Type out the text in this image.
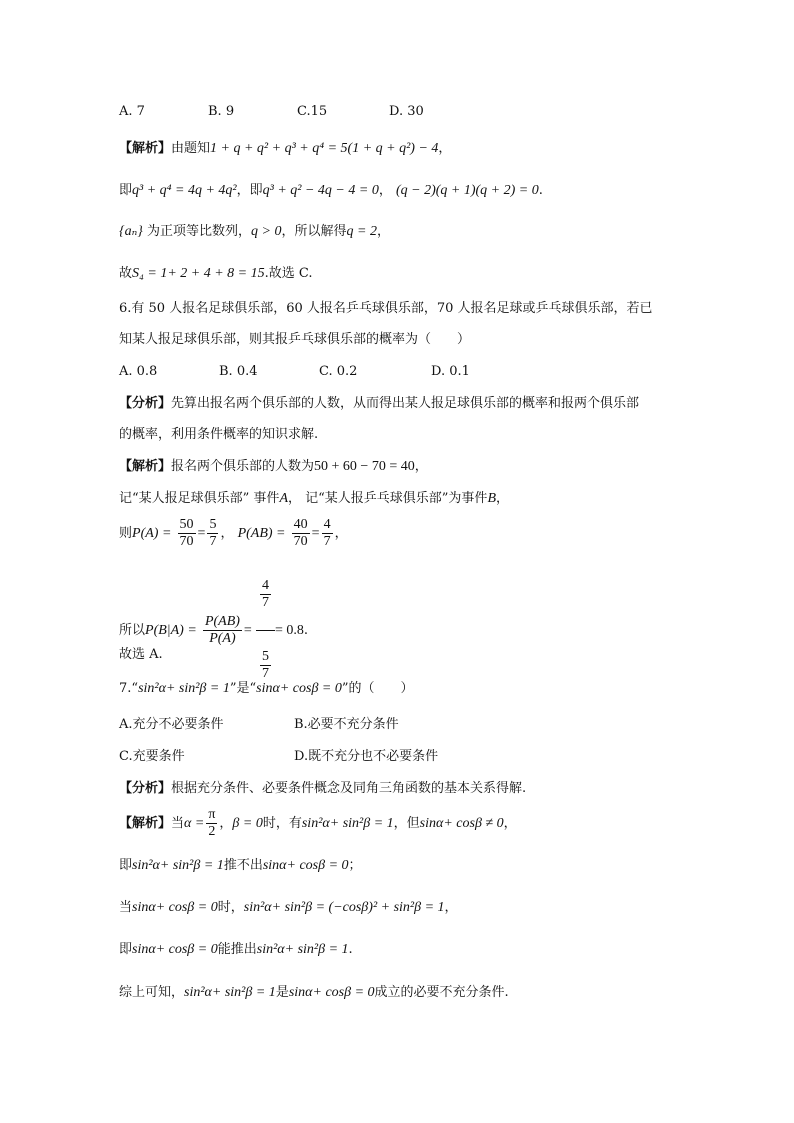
A. 7	B. 9	C.15	D. 30
【解析】由题知1 + q + q² + q³ + q⁴ = 5(1 + q + q²) − 4，
即q³ + q⁴ = 4q + 4q²，即q³ + q² − 4q − 4 = 0， (q − 2)(q + 1)(q + 2) = 0.
{aₙ} 为正项等比数列，q > 0，所以解得q = 2，
故S₄ = 1+ 2 + 4 + 8 = 15.故选 C.
6.有 50 人报名足球俱乐部，60 人报名乒乓球俱乐部，70 人报名足球或乒乓球俱乐部，若已
知某人报足球俱乐部，则其报乒乓球俱乐部的概率为（　　）
A. 0.8	B. 0.4	C. 0.2	D. 0.1
【分析】先算出报名两个俱乐部的人数，从而得出某人报足球俱乐部的概率和报两个俱乐部
的概率，利用条件概率的知识求解.
【解析】报名两个俱乐部的人数为50 + 60 − 70 = 40，
记“某人报足球俱乐部” 事件A， 记“某人报乒乓球俱乐部”为事件B，
则$P(A) = \frac{50}{70} = \frac{5}{7}$ ， $P(AB) = \frac{40}{70} = \frac{4}{7}$ ，
所以$P(B|A) = \frac{P(AB)}{P(A)} = \frac{\frac{4}{7}}{\frac{5}{7}} = 0.8$.
故选 A.
7.“sin²α+ sin²β = 1”是“sinα+ cosβ = 0”的（　　）
A.充分不必要条件	B.必要不充分条件
C.充要条件	D.既不充分也不必要条件
【分析】根据充分条件、必要条件概念及同角三角函数的基本关系得解.
【解析】当$\alpha = \frac{\pi}{2}$ ，β = 0时，有sin²α+ sin²β = 1，但sinα+ cosβ ≠ 0，
即sin²α+ sin²β = 1推不出sinα+ cosβ = 0；
当sinα+ cosβ = 0时，sin²α+ sin²β = (−cosβ)² + sin²β = 1，
即sinα+ cosβ = 0能推出sin²α+ sin²β = 1.
综上可知，sin²α+ sin²β = 1是sinα+ cosβ = 0成立的必要不充分条件.
